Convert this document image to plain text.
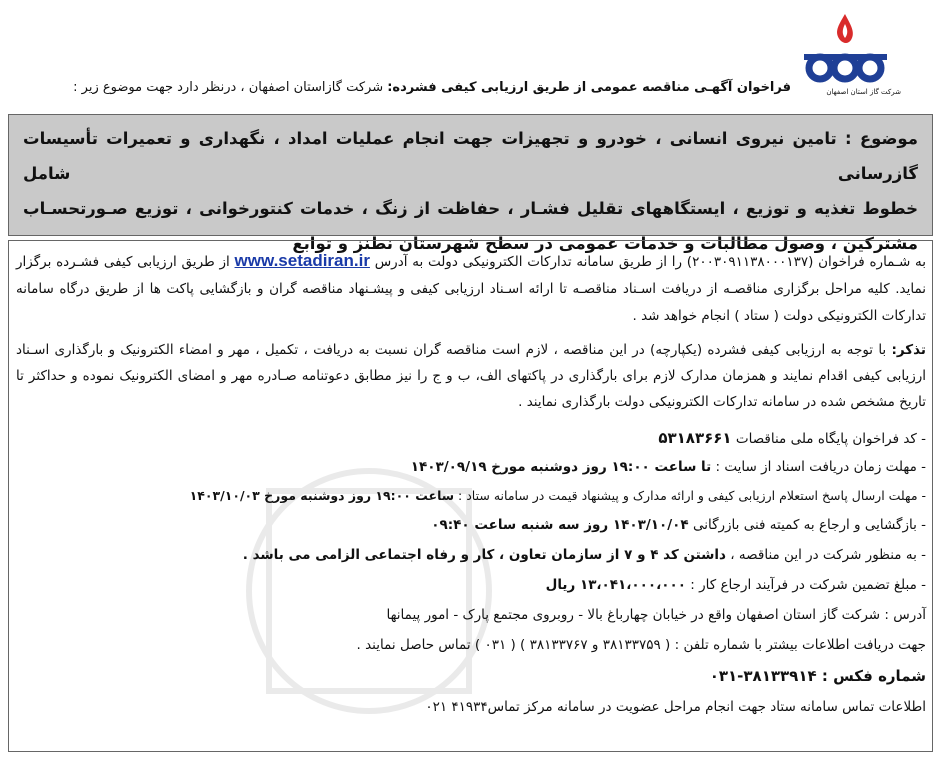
شرکت گاز استان اصفهان
فراخوان آگهـی مناقصه عمومی از طریق ارزیابی کیفی فشرده: شرکت گازاستان اصفهان ، درنظر دارد جهت موضوع زیر :
موضوع : تامین نیروی انسانی ، خودرو و تجهیزات جهت انجام عملیات امداد ، نگهداری و تعمیرات تأسیسات گازرسانی شامل
خطوط تغذیه و توزیع ، ایستگاههای تقلیل فشـار ، حفاظت از زنگ ، خدمات کنتورخوانی ، توزیع صـورتحسـاب
مشترکین ، وصول مطالبات و خدمات عمومی در سطح شهرستان نطنز و توابع
به شـماره فراخوان (۲۰۰۳۰۹۱۱۳۸۰۰۰۱۳۷) را از طریق سامانه تدارکات الکترونیکی دولت به آدرس www.setadiran.ir از طریق ارزیابی کیفی فشـرده برگزار نماید. کلیه مراحل برگزاری مناقصـه از دریافت اسـناد مناقصـه تا ارائه اسـناد ارزیابی کیفی و پیشـنهاد مناقصه گران و بازگشایی پاکت ها از طریق درگاه سامانه تدارکات الکترونیکی دولت ( ستاد ) انجام خواهد شد .
تذکر: با توجه به ارزیابی کیفی فشرده (یکپارچه) در این مناقصه ، لازم است مناقصه گران نسبت به دریافت ، تکمیل ، مهر و امضاء الکترونیک و بارگذاری اسـناد ارزیابی کیفی اقدام نمایند و همزمان مدارک لازم برای بارگذاری در پاکتهای الف، ب و ج را نیز مطابق دعوتنامه صـادره مهر و امضای الکترونیک نموده و حداکثر تا تاریخ مشخص شده در سامانه تدارکات الکترونیکی دولت بارگذاری نمایند .
- کد فراخوان پایگاه ملی مناقصات ۵۳۱۸۳۶۶۱
- مهلت زمان دریافت اسناد از سایت : تا ساعت ۱۹:۰۰ روز دوشنبه مورخ ۱۴۰۳/۰۹/۱۹
- مهلت ارسال پاسخ استعلام ارزیابی کیفی و ارائه مدارک و پیشنهاد قیمت در سامانه ستاد : ساعت ۱۹:۰۰ روز دوشنبه مورخ ۱۴۰۳/۱۰/۰۳
- بازگشایی و ارجاع به کمیته فنی بازرگانی ۱۴۰۳/۱۰/۰۴ روز سه شنبه ساعت ۰۹:۴۰
- به منظور شرکت در این مناقصه ، داشتن کد ۴ و ۷ از سازمان تعاون ، کار و رفاه اجتماعی الزامی می باشد .
- مبلغ تضمین شرکت در فرآیند ارجاع کار : ۱۳،۰۴۱،۰۰۰،۰۰۰ ریال
آدرس : شرکت گاز استان اصفهان واقع در خیابان چهارباغ بالا - روبروی مجتمع پارک - امور پیمانها
جهت دریافت اطلاعات بیشتر با شماره تلفن : ( ۳۸۱۳۳۷۵۹ و ۳۸۱۳۳۷۶۷ ) ( ۰۳۱ ) تماس حاصل نمایند .
شماره فکس : ۳۸۱۳۳۹۱۴-۰۳۱
اطلاعات تماس سامانه ستاد جهت انجام مراحل عضویت در سامانه مرکز تماس۴۱۹۳۴ ۰۲۱
